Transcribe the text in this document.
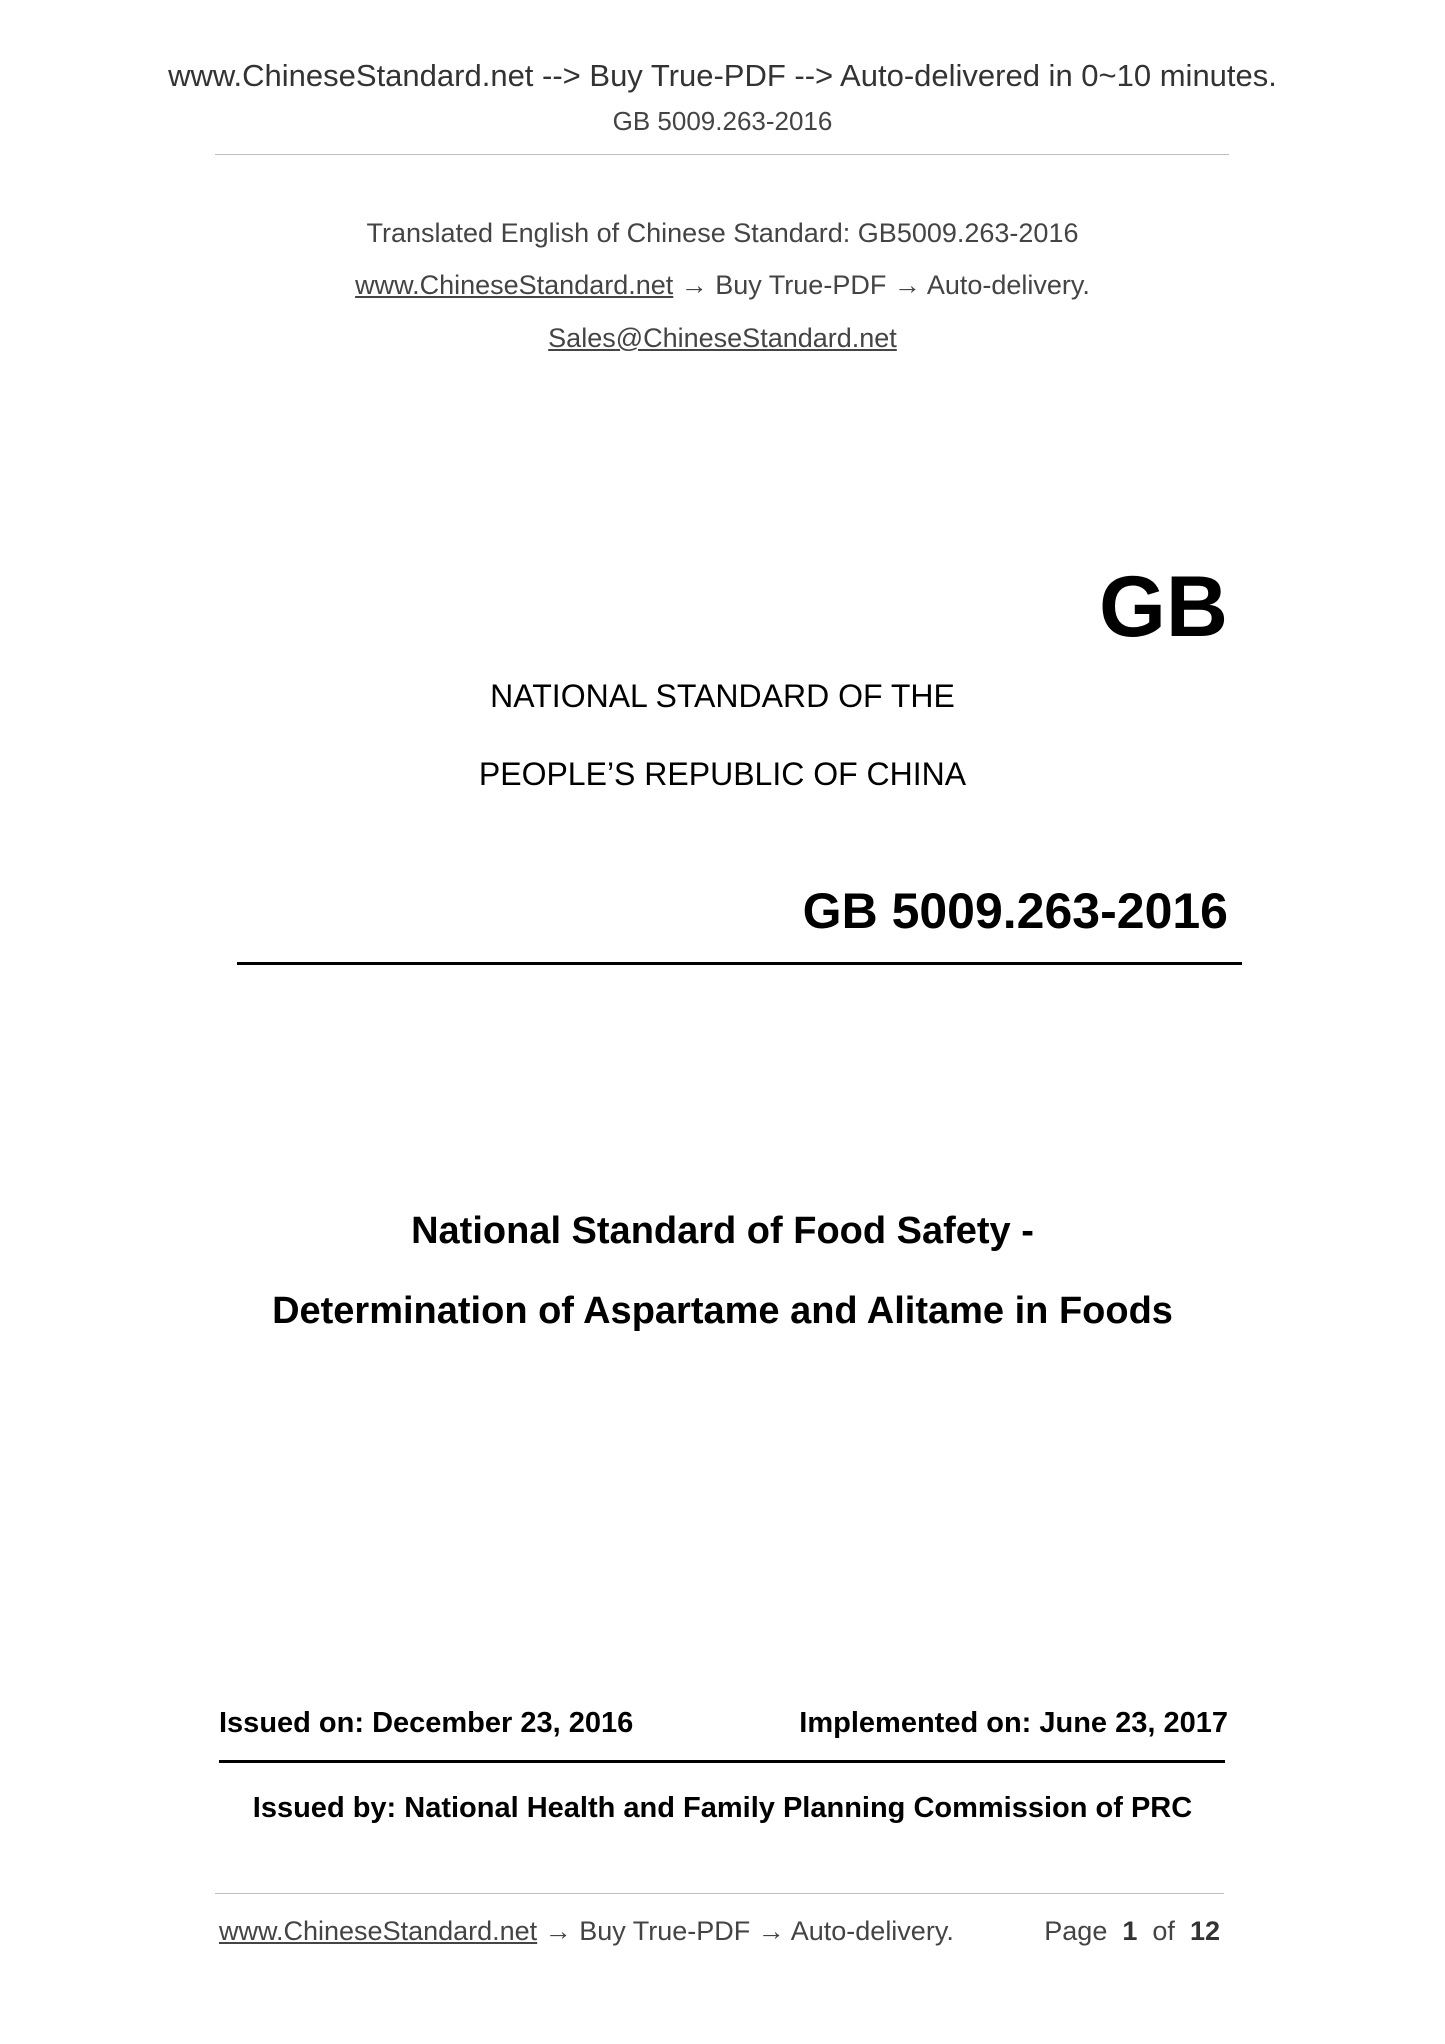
www.ChineseStandard.net --> Buy True-PDF --> Auto-delivered in 0~10 minutes.
GB 5009.263-2016
Translated English of Chinese Standard: GB5009.263-2016
www.ChineseStandard.net → Buy True-PDF → Auto-delivery.
Sales@ChineseStandard.net
GB
NATIONAL STANDARD OF THE
PEOPLE’S REPUBLIC OF CHINA
GB 5009.263-2016
National Standard of Food Safety -
Determination of Aspartame and Alitame in Foods
Issued on: December 23, 2016	Implemented on: June 23, 2017
Issued by: National Health and Family Planning Commission of PRC
www.ChineseStandard.net → Buy True-PDF → Auto-delivery.	Page 1 of 12
